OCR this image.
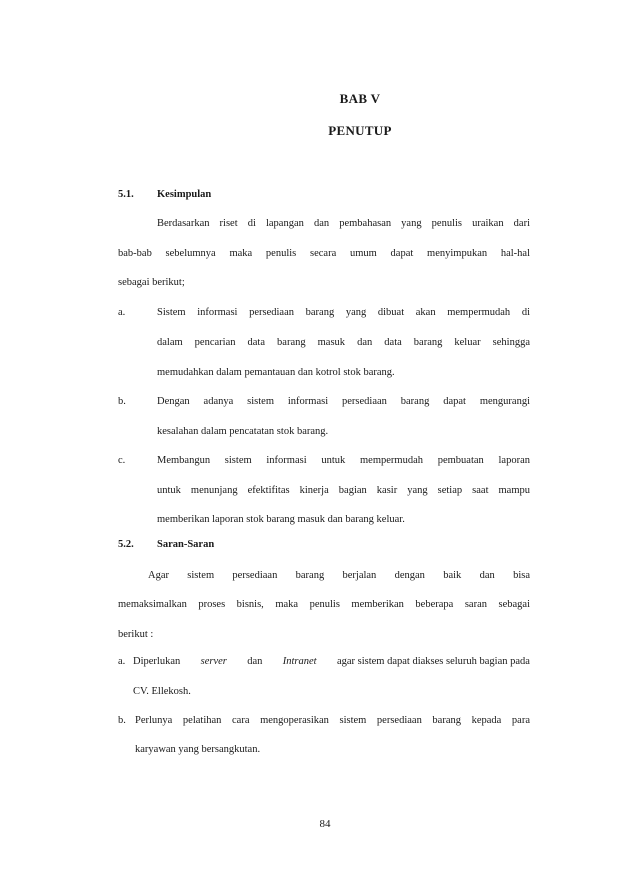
BAB V
PENUTUP
5.1. Kesimpulan
Berdasarkan riset di lapangan dan pembahasan yang penulis uraikan dari
bab-bab sebelumnya maka penulis secara umum dapat menyimpukan hal-hal
sebagai berikut;
a.	Sistem informasi persediaan barang yang dibuat akan mempermudah di
dalam pencarian data barang masuk dan data barang keluar sehingga
memudahkan dalam pemantauan dan kotrol stok barang.
b.	Dengan adanya sistem informasi persediaan barang dapat mengurangi
kesalahan dalam pencatatan stok barang.
c.	Membangun sistem informasi untuk mempermudah pembuatan laporan
untuk menunjang efektifitas kinerja bagian kasir yang setiap saat mampu
memberikan laporan stok barang masuk dan barang keluar.
5.2. Saran-Saran
Agar sistem persediaan barang berjalan dengan baik dan bisa
memaksimalkan proses bisnis, maka penulis memberikan beberapa saran sebagai
berikut :
a. Diperlukan server dan Intranet agar sistem dapat diakses seluruh bagian pada
CV. Ellekosh.
b. Perlunya pelatihan cara mengoperasikan sistem persediaan barang kepada para
karyawan yang bersangkutan.
84
